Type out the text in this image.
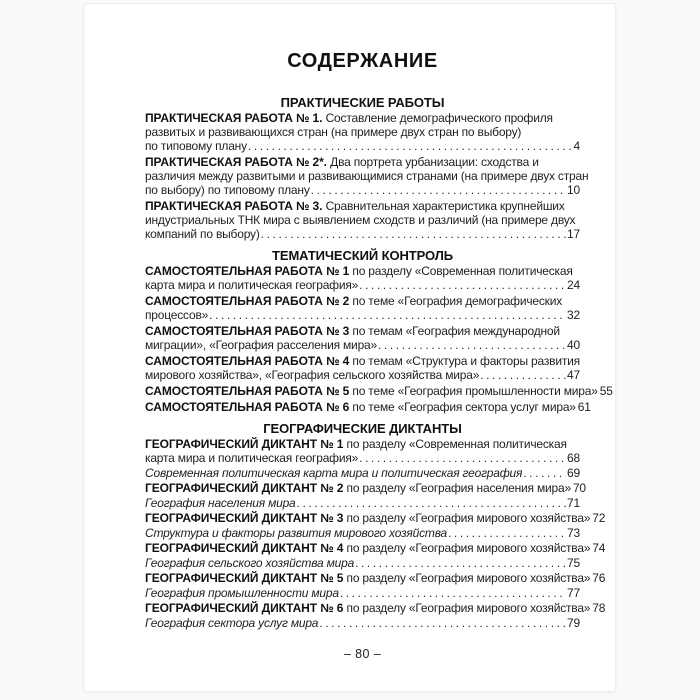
СОДЕРЖАНИЕ
ПРАКТИЧЕСКИЕ РАБОТЫ
ПРАКТИЧЕСКАЯ РАБОТА № 1. Составление демографического профиля
развитых и развивающихся стран (на примере двух стран по выбору)
по типовому плану .....	4
ПРАКТИЧЕСКАЯ РАБОТА № 2*. Два портрета урбанизации: сходства и
различия между развитыми и развивающимися странами (на примере двух стран
по выбору) по типовому плану .....	10
ПРАКТИЧЕСКАЯ РАБОТА № 3. Сравнительная характеристика крупнейших
индустриальных ТНК мира с выявлением сходств и различий (на примере двух
компаний по выбору) .....	17
ТЕМАТИЧЕСКИЙ КОНТРОЛЬ
САМОСТОЯТЕЛЬНАЯ РАБОТА № 1 по разделу «Современная политическая
карта мира и политическая география» .....	24
САМОСТОЯТЕЛЬНАЯ РАБОТА № 2 по теме «География демографических
процессов» .....	32
САМОСТОЯТЕЛЬНАЯ РАБОТА № 3 по темам «География международной
миграции», «География расселения мира» .....	40
САМОСТОЯТЕЛЬНАЯ РАБОТА № 4 по темам «Структура и факторы развития
мирового хозяйства», «География сельского хозяйства мира» .....	47
САМОСТОЯТЕЛЬНАЯ РАБОТА № 5 по теме «География промышленности мира» 55
САМОСТОЯТЕЛЬНАЯ РАБОТА № 6 по теме «География сектора услуг мира» 61
ГЕОГРАФИЧЕСКИЕ ДИКТАНТЫ
ГЕОГРАФИЧЕСКИЙ ДИКТАНТ № 1 по разделу «Современная политическая
карта мира и политическая география» .....	68
Современная политическая карта мира и политическая география .....	69
ГЕОГРАФИЧЕСКИЙ ДИКТАНТ № 2 по разделу «География населения мира» 70
География населения мира .....	71
ГЕОГРАФИЧЕСКИЙ ДИКТАНТ № 3 по разделу «География мирового хозяйства» 72
Структура и факторы развития мирового хозяйства .....	73
ГЕОГРАФИЧЕСКИЙ ДИКТАНТ № 4 по разделу «География мирового хозяйства» 74
География сельского хозяйства мира .....	75
ГЕОГРАФИЧЕСКИЙ ДИКТАНТ № 5 по разделу «География мирового хозяйства» 76
География промышленности мира .....	77
ГЕОГРАФИЧЕСКИЙ ДИКТАНТ № 6 по разделу «География мирового хозяйства» 78
География сектора услуг мира .....	79
– 80 –
